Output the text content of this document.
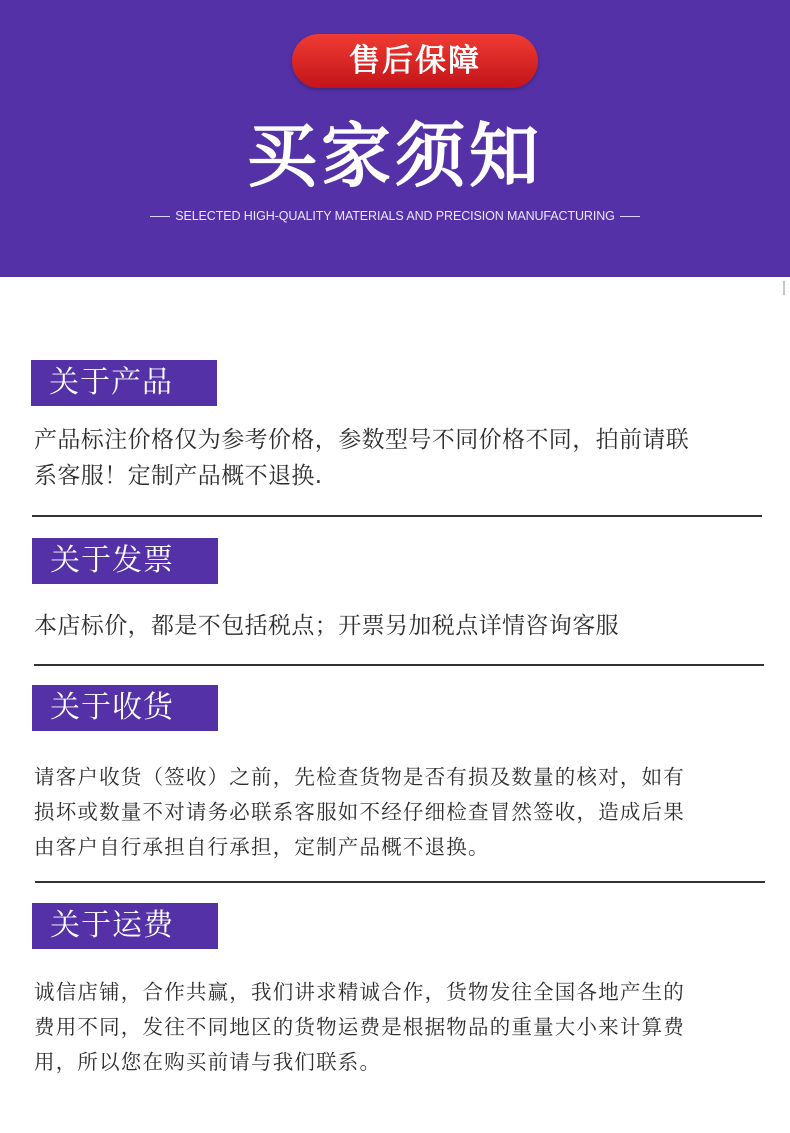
售后保障
买家须知
SELECTED HIGH-QUALITY MATERIALS AND PRECISION MANUFACTURING
关于产品
产品标注价格仅为参考价格，参数型号不同价格不同，拍前请联
系客服！定制产品概不退换.
关于发票
本店标价，都是不包括税点；开票另加税点详情咨询客服
关于收货
请客户收货（签收）之前，先检查货物是否有损及数量的核对，如有
损坏或数量不对请务必联系客服如不经仔细检查冒然签收，造成后果
由客户自行承担自行承担，定制产品概不退换。
关于运费
诚信店铺，合作共赢，我们讲求精诚合作，货物发往全国各地产生的
费用不同，发往不同地区的货物运费是根据物品的重量大小来计算费
用，所以您在购买前请与我们联系。
